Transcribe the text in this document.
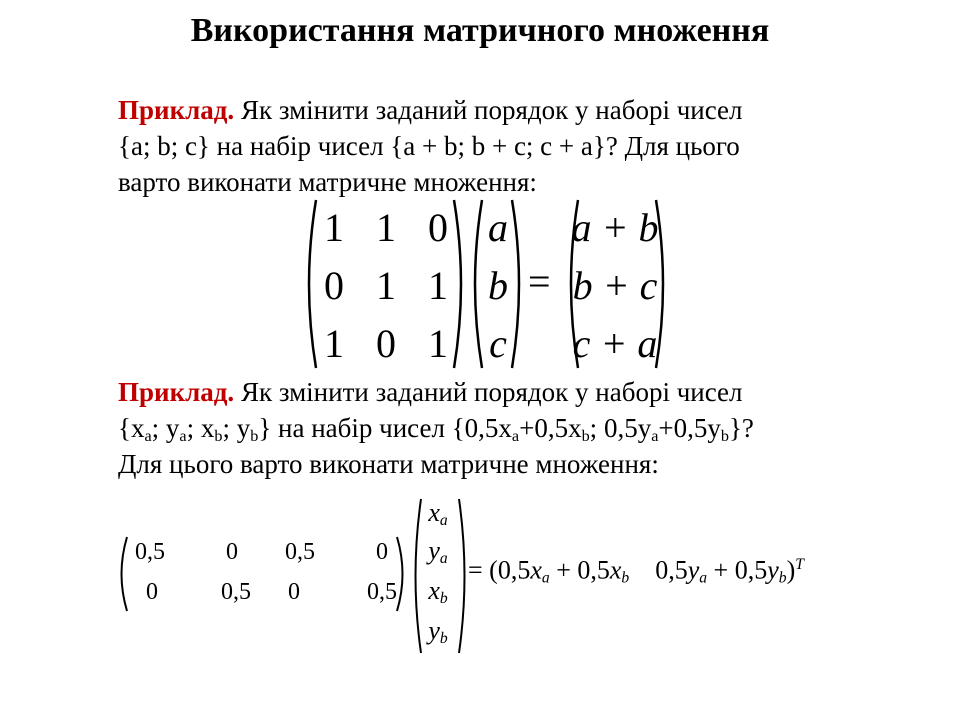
Використання матричного множення
Приклад. Як змінити заданий порядок у наборі чисел
{a; b; c} на набір чисел {a + b; b + c; c + a}? Для цього
варто виконати матричне множення:
1 1 0
0 1 1
1 0 1
a
b
c
=
a + b
b + c
c + a
Приклад. Як змінити заданий порядок у наборі чисел
{$x_a$; $y_a$; $x_b$; $y_b$} на набір чисел {$0,5x_a+0,5x_b$; $0,5y_a+0,5y_b$}?
Для цього варто виконати матричне множення:
0,5	0	0,5	0
0	0,5	0	0,5
$x_a$
$y_a$
$x_b$
$y_b$
= ($0,5x_a + 0,5x_b$ $0,5y_a + 0,5y_b)^T$
